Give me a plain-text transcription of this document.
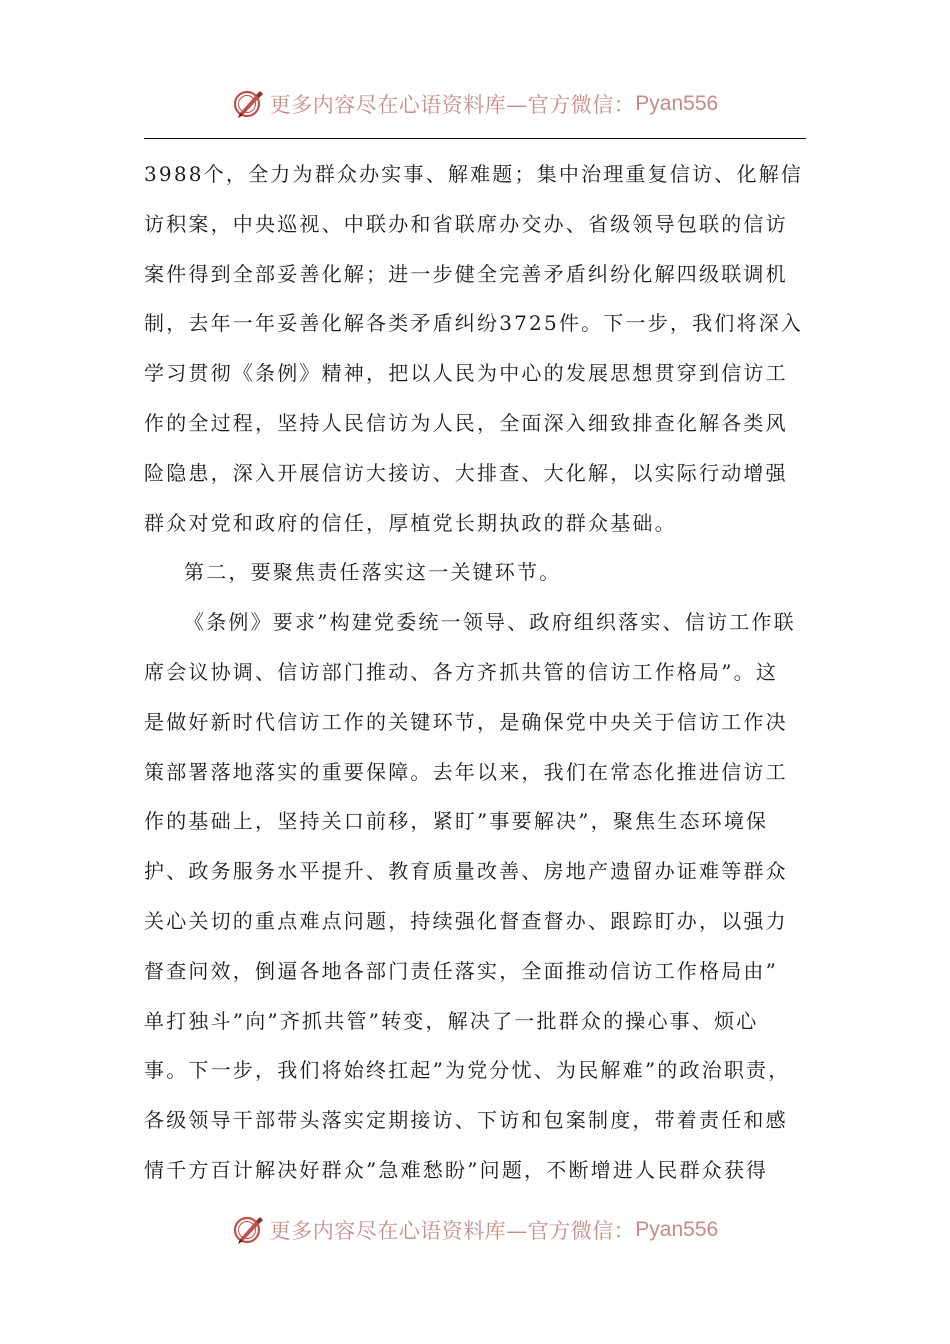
更多内容尽在心语资料库—官方微信： Pyan556
3988个，全力为群众办实事、解难题；集中治理重复信访、化解信
访积案，中央巡视、中联办和省联席办交办、省级领导包联的信访
案件得到全部妥善化解；进一步健全完善矛盾纠纷化解四级联调机
制，去年一年妥善化解各类矛盾纠纷3725件。下一步，我们将深入
学习贯彻《条例》精神，把以人民为中心的发展思想贯穿到信访工
作的全过程，坚持人民信访为人民，全面深入细致排查化解各类风
险隐患，深入开展信访大接访、大排查、大化解，以实际行动增强
群众对党和政府的信任，厚植党长期执政的群众基础。
第二，要聚焦责任落实这一关键环节。
《条例》要求”构建党委统一领导、政府组织落实、信访工作联
席会议协调、信访部门推动、各方齐抓共管的信访工作格局”。这
是做好新时代信访工作的关键环节，是确保党中央关于信访工作决
策部署落地落实的重要保障。去年以来，我们在常态化推进信访工
作的基础上，坚持关口前移，紧盯”事要解决”，聚焦生态环境保
护、政务服务水平提升、教育质量改善、房地产遗留办证难等群众
关心关切的重点难点问题，持续强化督查督办、跟踪盯办，以强力
督查问效，倒逼各地各部门责任落实，全面推动信访工作格局由”
单打独斗”向”齐抓共管”转变，解决了一批群众的操心事、烦心
事。下一步，我们将始终扛起”为党分忧、为民解难”的政治职责，
各级领导干部带头落实定期接访、下访和包案制度，带着责任和感
情千方百计解决好群众”急难愁盼”问题，不断增进人民群众获得
更多内容尽在心语资料库—官方微信： Pyan556
